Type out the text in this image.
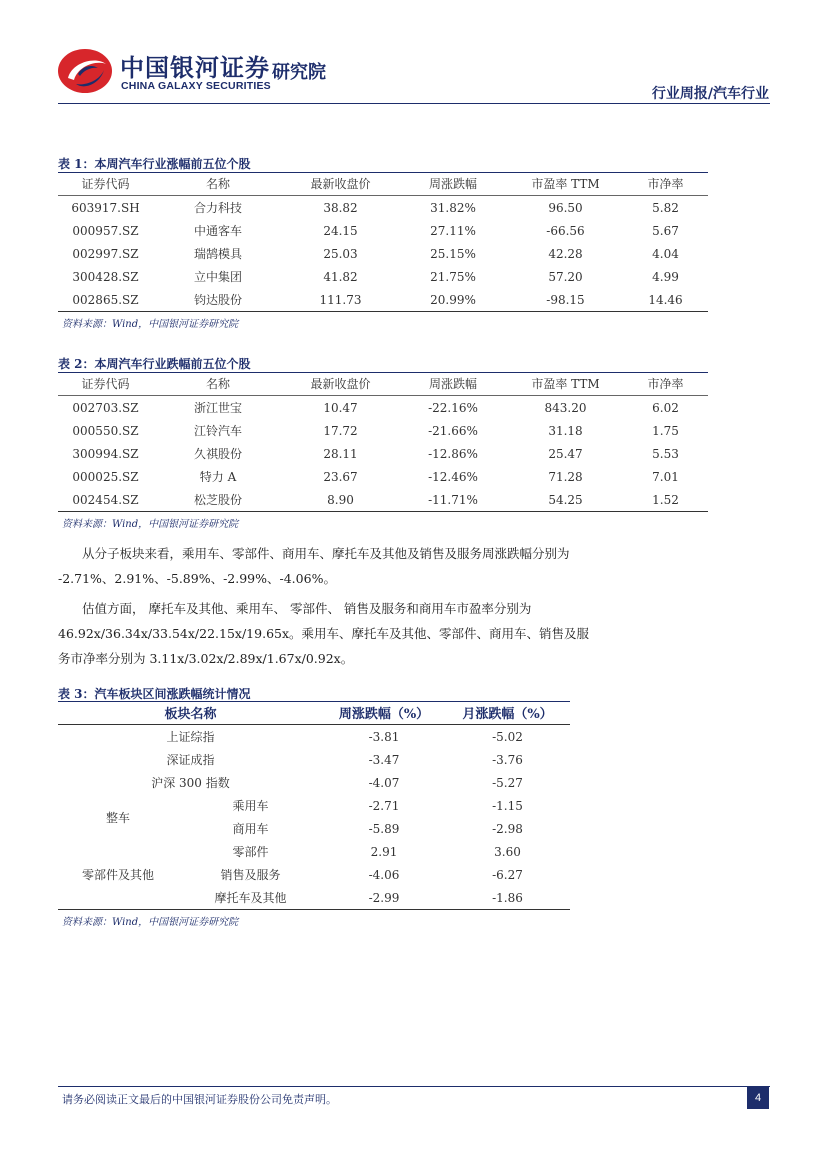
中国银河证券
CHINA GALAXY SECURITIES
研究院
行业周报/汽车行业
表 1：本周汽车行业涨幅前五位个股
证券代码	名称	最新收盘价	周涨跌幅	市盈率 TTM	市净率
603917.SH	合力科技	38.82	31.82%	96.50	5.82
000957.SZ	中通客车	24.15	27.11%	-66.56	5.67
002997.SZ	瑞鹄模具	25.03	25.15%	42.28	4.04
300428.SZ	立中集团	41.82	21.75%	57.20	4.99
002865.SZ	钧达股份	111.73	20.99%	-98.15	14.46
资料来源：Wind，中国银河证券研究院
表 2：本周汽车行业跌幅前五位个股
证券代码	名称	最新收盘价	周涨跌幅	市盈率 TTM	市净率
002703.SZ	浙江世宝	10.47	-22.16%	843.20	6.02
000550.SZ	江铃汽车	17.72	-21.66%	31.18	1.75
300994.SZ	久祺股份	28.11	-12.86%	25.47	5.53
000025.SZ	特力 A	23.67	-12.46%	71.28	7.01
002454.SZ	松芝股份	8.90	-11.71%	54.25	1.52
资料来源：Wind，中国银河证券研究院
从分子板块来看，乘用车、零部件、商用车、摩托车及其他及销售及服务周涨跌幅分别为
-2.71%、2.91%、-5.89%、-2.99%、-4.06%。
估值方面， 摩托车及其他、乘用车、 零部件、 销售及服务和商用车市盈率分别为
46.92x/36.34x/33.54x/22.15x/19.65x。乘用车、摩托车及其他、零部件、商用车、销售及服
务市净率分别为 3.11x/3.02x/2.89x/1.67x/0.92x。
表 3：汽车板块区间涨跌幅统计情况
板块名称		周涨跌幅（%）	月涨跌幅（%）
上证综指		-3.81	-5.02
深证成指		-3.47	-3.76
沪深 300 指数		-4.07	-5.27
整车	乘用车	-2.71	-1.15
	商用车	-5.89	-2.98
零部件及其他	零部件	2.91	3.60
	销售及服务	-4.06	-6.27
	摩托车及其他	-2.99	-1.86
资料来源：Wind，中国银河证券研究院
请务必阅读正文最后的中国银河证券股份公司免责声明。	4
